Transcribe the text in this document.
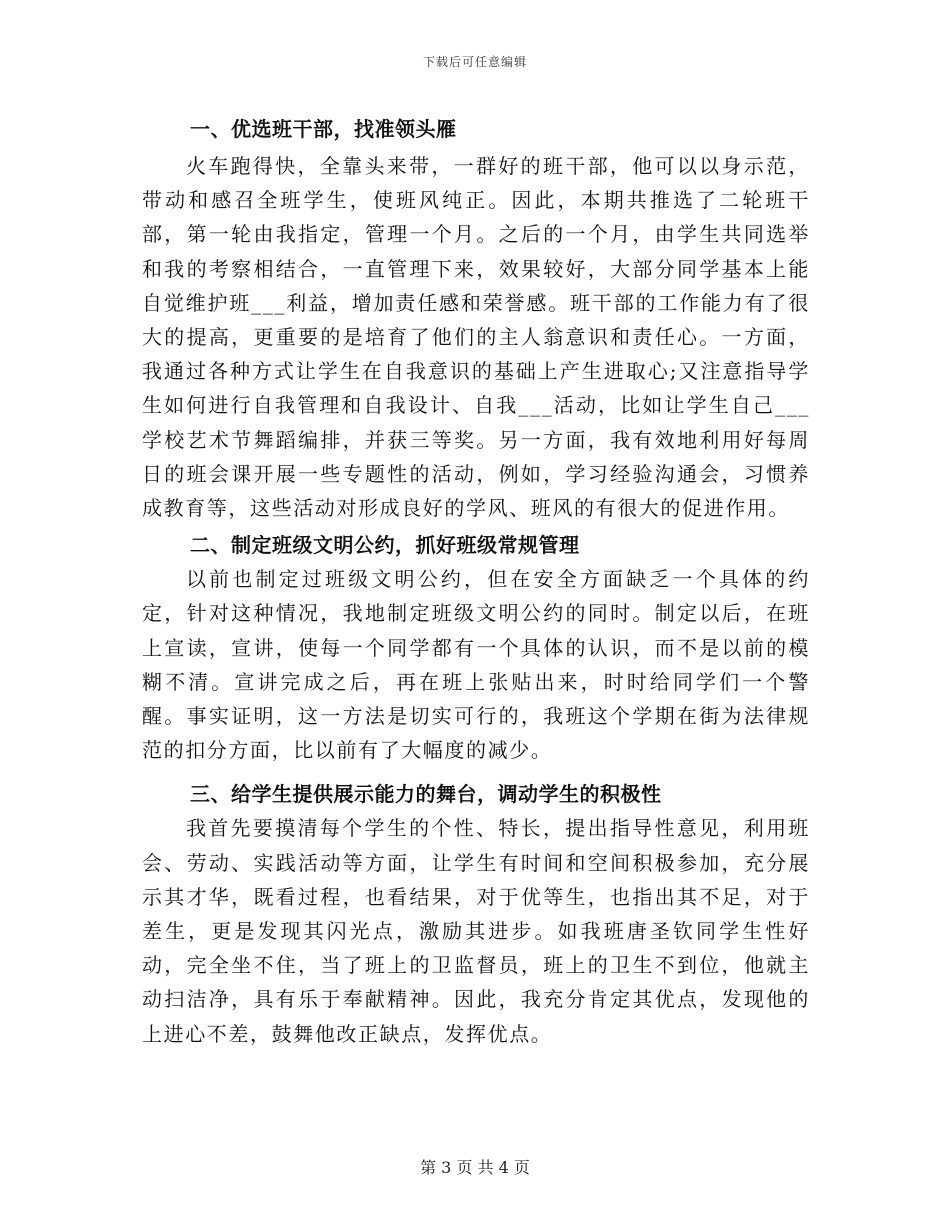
下载后可任意编辑

一、优选班干部，找准领头雁

火车跑得快，全靠头来带，一群好的班干部，他可以以身示范，带动和感召全班学生，使班风纯正。因此，本期共推选了二轮班干部，第一轮由我指定，管理一个月。之后的一个月，由学生共同选举和我的考察相结合，一直管理下来，效果较好，大部分同学基本上能自觉维护班___利益，增加责任感和荣誉感。班干部的工作能力有了很大的提高，更重要的是培育了他们的主人翁意识和责任心。一方面，我通过各种方式让学生在自我意识的基础上产生进取心;又注意指导学生如何进行自我管理和自我设计、自我___活动，比如让学生自己___学校艺术节舞蹈编排，并获三等奖。另一方面，我有效地利用好每周日的班会课开展一些专题性的活动，例如，学习经验沟通会，习惯养成教育等，这些活动对形成良好的学风、班风的有很大的促进作用。

二、制定班级文明公约，抓好班级常规管理

以前也制定过班级文明公约，但在安全方面缺乏一个具体的约定，针对这种情况，我地制定班级文明公约的同时。制定以后，在班上宣读，宣讲，使每一个同学都有一个具体的认识，而不是以前的模糊不清。宣讲完成之后，再在班上张贴出来，时时给同学们一个警醒。事实证明，这一方法是切实可行的，我班这个学期在街为法律规范的扣分方面，比以前有了大幅度的减少。

三、给学生提供展示能力的舞台，调动学生的积极性

我首先要摸清每个学生的个性、特长，提出指导性意见，利用班会、劳动、实践活动等方面，让学生有时间和空间积极参加，充分展示其才华，既看过程，也看结果，对于优等生，也指出其不足，对于差生，更是发现其闪光点，激励其进步。如我班唐圣钦同学生性好动，完全坐不住，当了班上的卫监督员，班上的卫生不到位，他就主动扫洁净，具有乐于奉献精神。因此，我充分肯定其优点，发现他的上进心不差，鼓舞他改正缺点，发挥优点。

第 3 页 共 4 页
